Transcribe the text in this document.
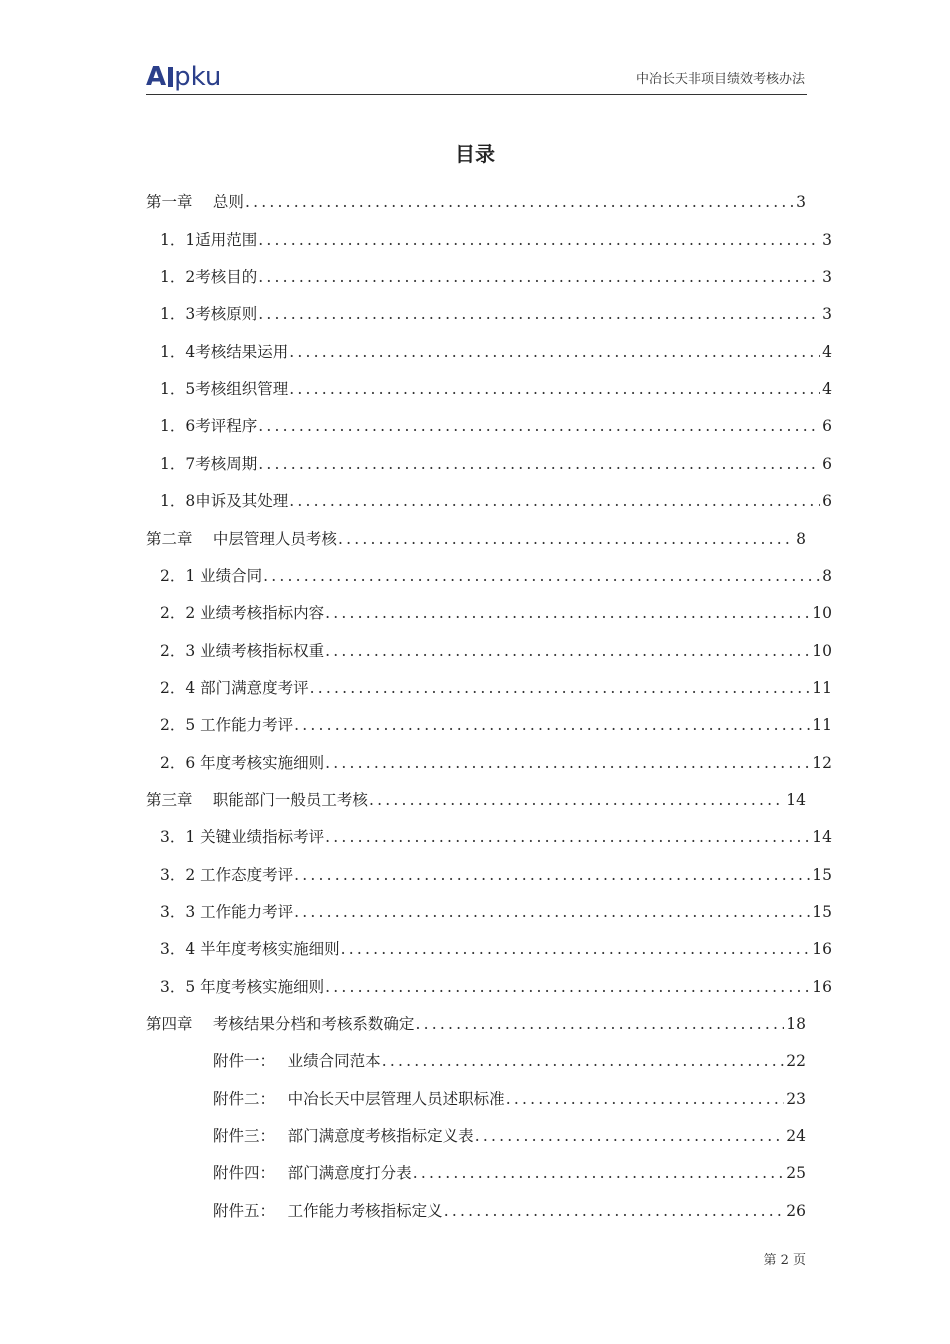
A pku	中冶长天非项目绩效考核办法
目录
第一章　 总则 .....	3
1．1适用范围 .....	3
1．2考核目的 .....	3
1．3考核原则 .....	3
1．4考核结果运用 .....	4
1．5考核组织管理 .....	4
1．6考评程序 .....	6
1．7考核周期 .....	6
1．8申诉及其处理 .....	6
第二章　 中层管理人员考核 .....	8
2．1 业绩合同 .....	8
2．2 业绩考核指标内容 .....	10
2．3 业绩考核指标权重 .....	10
2．4 部门满意度考评 .....	11
2．5 工作能力考评 .....	11
2．6 年度考核实施细则 .....	12
第三章　 职能部门一般员工考核 .....	14
3．1 关键业绩指标考评 .....	14
3．2 工作态度考评 .....	15
3．3 工作能力考评 .....	15
3．4 半年度考核实施细则 .....	16
3．5 年度考核实施细则 .....	16
第四章　 考核结果分档和考核系数确定 .....	18
附件一：　 业绩合同范本 .....	22
附件二：　 中冶长天中层管理人员述职标准 .....	23
附件三：　 部门满意度考核指标定义表 .....	24
附件四：　 部门满意度打分表 .....	25
附件五：　 工作能力考核指标定义 .....	26
第 2 页
